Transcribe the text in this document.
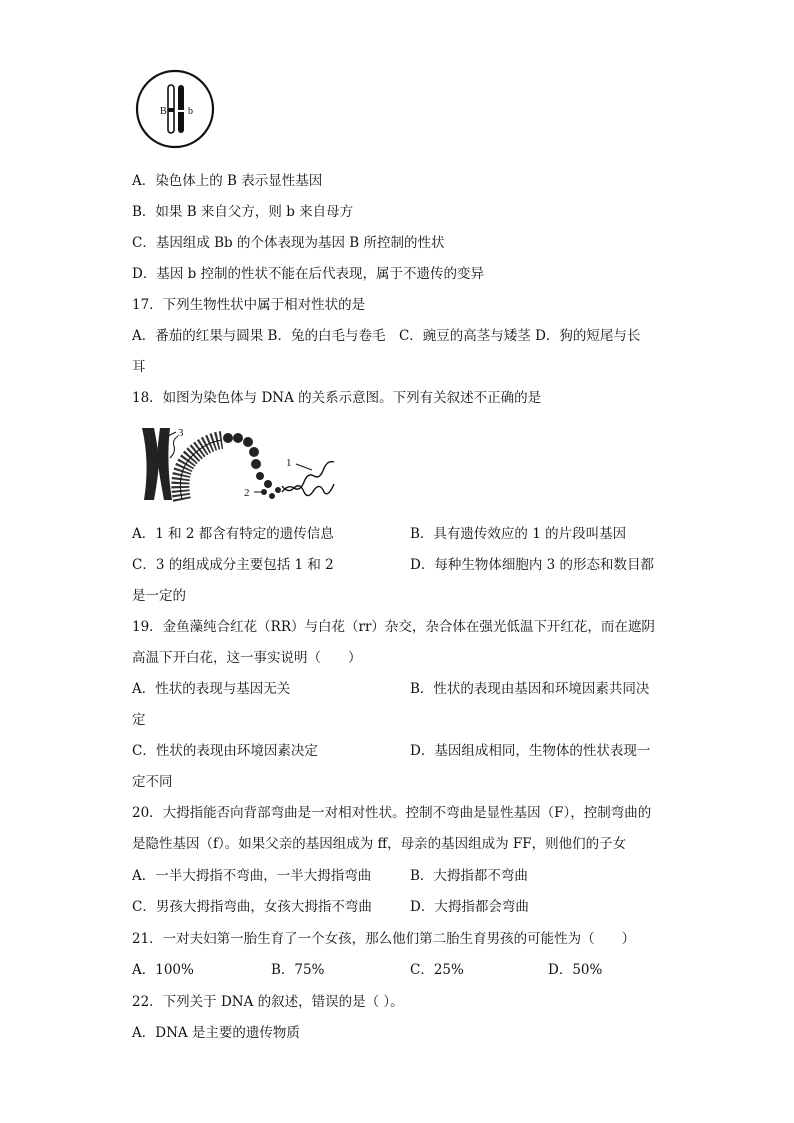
B b
A．染色体上的 B 表示显性基因
B．如果 B 来自父方，则 b 来自母方
C．基因组成 Bb 的个体表现为基因 B 所控制的性状
D．基因 b 控制的性状不能在后代表现，属于不遗传的变异
17．下列生物性状中属于相对性状的是
A．番茄的红果与圆果 B．兔的白毛与卷毛　C．豌豆的高茎与矮茎 D．狗的短尾与长
耳
18．如图为染色体与 DNA 的关系示意图。下列有关叙述不正确的是
3
2
1
A．1 和 2 都含有特定的遗传信息	B．具有遗传效应的 1 的片段叫基因
C．3 的组成成分主要包括 1 和 2	D．每种生物体细胞内 3 的形态和数目都
是一定的
19．金鱼藻纯合红花（RR）与白花（rr）杂交，杂合体在强光低温下开红花，而在遮阴
高温下开白花，这一事实说明（　　）
A．性状的表现与基因无关	B．性状的表现由基因和环境因素共同决
定
C．性状的表现由环境因素决定	D．基因组成相同，生物体的性状表现一
定不同
20．大拇指能否向背部弯曲是一对相对性状。控制不弯曲是显性基因（F），控制弯曲的
是隐性基因（f）。如果父亲的基因组成为 ff，母亲的基因组成为 FF，则他们的子女
A．一半大拇指不弯曲，一半大拇指弯曲	B．大拇指都不弯曲
C．男孩大拇指弯曲，女孩大拇指不弯曲	D．大拇指都会弯曲
21．一对夫妇第一胎生育了一个女孩，那么他们第二胎生育男孩的可能性为（　　）
A．100%	B．75%	C．25%	D．50%
22．下列关于 DNA 的叙述，错误的是（ ）。
A．DNA 是主要的遗传物质
